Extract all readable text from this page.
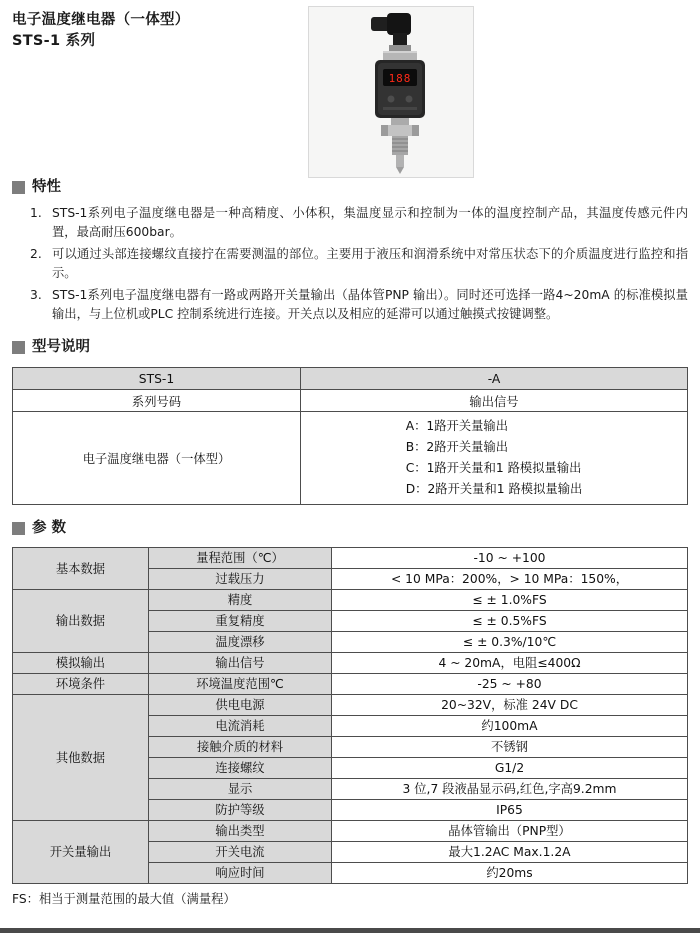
电子温度继电器（一体型）
STS-1 系列
188
特性
1. STS-1系列电子温度继电器是一种高精度、小体积，集温度显示和控制为一体的温度控制产品，其温度传感元件内置，最高耐压600bar。
2. 可以通过头部连接螺纹直接拧在需要测温的部位。主要用于液压和润滑系统中对常压状态下的介质温度进行监控和指示。
3. STS-1系列电子温度继电器有一路或两路开关量输出（晶体管PNP 输出）。同时还可选择一路4~20mA 的标准模拟量输出，与上位机或PLC 控制系统进行连接。开关点以及相应的延滞可以通过触摸式按键调整。
型号说明
STS-1	-A
系列号码	输出信号
电子温度继电器（一体型）	A：1路开关量输出
B：2路开关量输出
C：1路开关量和1 路模拟量输出
D：2路开关量和1 路模拟量输出
参 数
基本数据	量程范围（℃）	-10 ~ +100
	过载压力	< 10 MPa：200%，> 10 MPa：150%，
输出数据	精度	≤ ± 1.0%FS
	重复精度	≤ ± 0.5%FS
	温度漂移	≤ ± 0.3%/10℃
模拟输出	输出信号	4 ~ 20mA，电阻≤400Ω
环境条件	环境温度范围℃	-25 ~ +80
其他数据	供电电源	20~32V，标准 24V DC
	电流消耗	约100mA
	接触介质的材料	不锈钢
	连接螺纹	G1/2
	显示	3 位,7 段液晶显示码,红色,字高9.2mm
	防护等级	IP65
开关量输出	输出类型	晶体管输出（PNP型）
	开关电流	最大1.2AC Max.1.2A
	响应时间	约20ms
FS：相当于测量范围的最大值（满量程）
